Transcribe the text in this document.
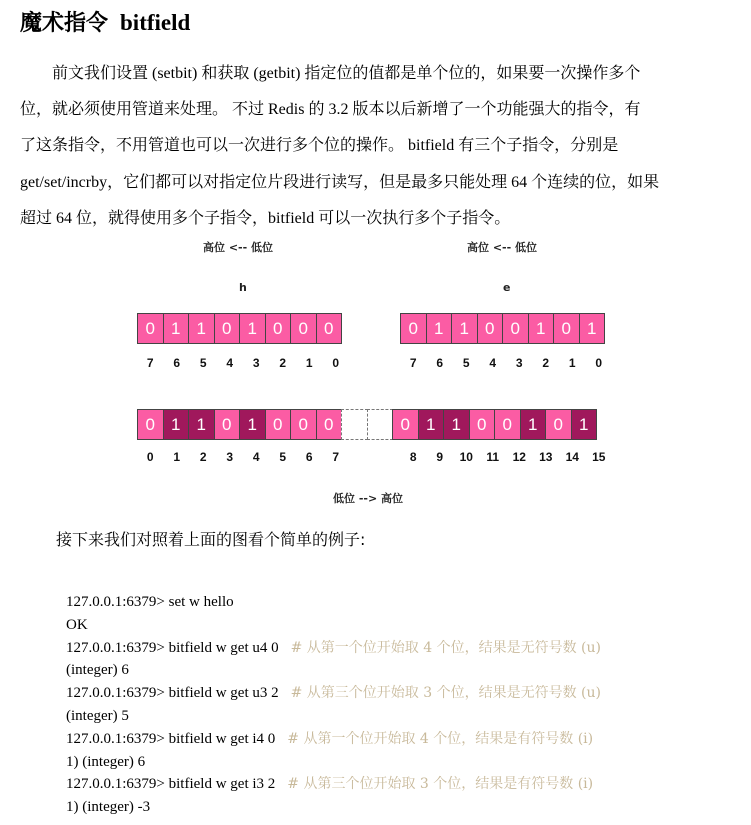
魔术指令 bitfield
前文我们设置 (setbit) 和获取 (getbit) 指定位的值都是单个位的，如果要一次操作多个
位，就必须使用管道来处理。 不过 Redis 的 3.2 版本以后新增了一个功能强大的指令，有
了这条指令，不用管道也可以一次进行多个位的操作。 bitfield 有三个子指令，分别是
get/set/incrby，它们都可以对指定位片段进行读写，但是最多只能处理 64 个连续的位，如果
超过 64 位，就得使用多个子指令，bitfield 可以一次执行多个子指令。
高位 <-- 低位	高位 <-- 低位
h	e
0 1 1 0 1 0 0 0	0 1 1 0 0 1 0 1
7	6	5	4	3	2	1	0	7	6	5	4	3	2	1	0
0 1 1 0 1 0 0 0	0 1 1 0 0 1 0 1
0	1	2	3	4	5	6	7	8	9	10	11	12	13	14	15
低位 --> 高位
接下来我们对照着上面的图看个简单的例子:
127.0.0.1:6379> set w hello
OK
127.0.0.1:6379> bitfield w get u4 0 # 从第一个位开始取 4 个位，结果是无符号数 (u)
(integer) 6
127.0.0.1:6379> bitfield w get u3 2 # 从第三个位开始取 3 个位，结果是无符号数 (u)
(integer) 5
127.0.0.1:6379> bitfield w get i4 0 # 从第一个位开始取 4 个位，结果是有符号数 (i)
1) (integer) 6
127.0.0.1:6379> bitfield w get i3 2 # 从第三个位开始取 3 个位，结果是有符号数 (i)
1) (integer) -3
